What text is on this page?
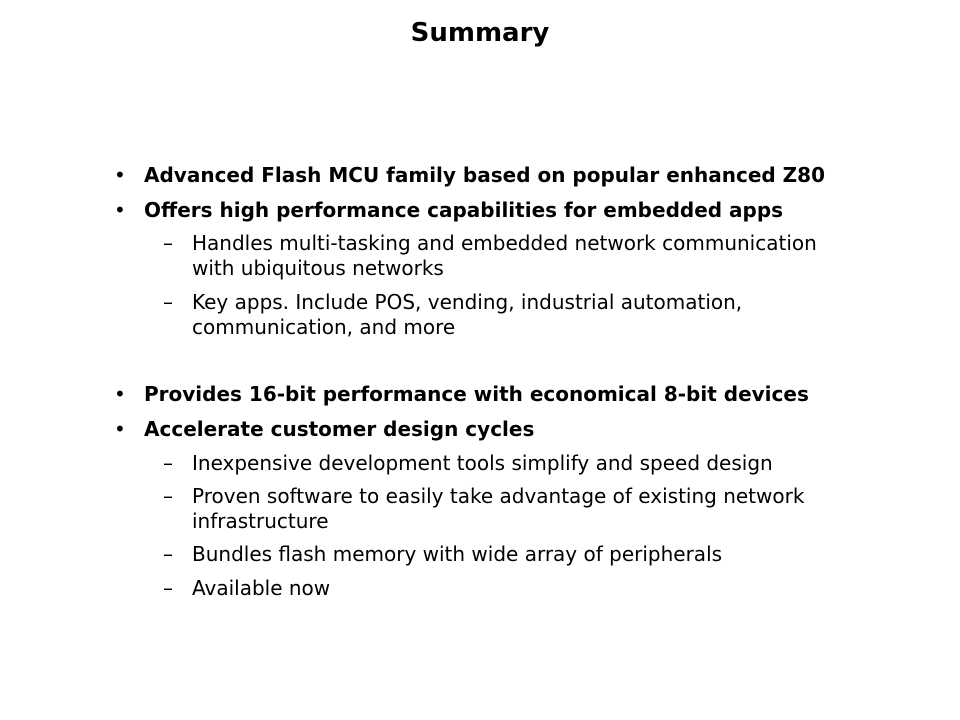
Summary
• Advanced Flash MCU family based on popular enhanced Z80
• Offers high performance capabilities for embedded apps
– Handles multi-tasking and embedded network communication
with ubiquitous networks
– Key apps. Include POS, vending, industrial automation,
communication, and more
• Provides 16-bit performance with economical 8-bit devices
• Accelerate customer design cycles
– Inexpensive development tools simplify and speed design
– Proven software to easily take advantage of existing network
infrastructure
– Bundles flash memory with wide array of peripherals
– Available now
